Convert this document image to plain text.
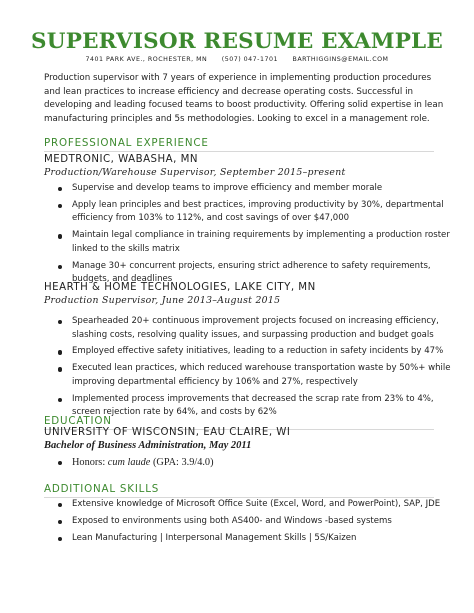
SUPERVISOR RESUME EXAMPLE
7401 PARK AVE., ROCHESTER, MN (507) 047-1701 BARTHIGGINS@EMAIL.COM
Production supervisor with 7 years of experience in implementing production procedures and lean practices to increase efficiency and decrease operating costs. Successful in developing and leading focused teams to boost productivity. Offering solid expertise in lean manufacturing principles and 5s methodologies. Looking to excel in a management role.
PROFESSIONAL EXPERIENCE
MEDTRONIC, WABASHA, MN
Production/Warehouse Supervisor, September 2015–present
Supervise and develop teams to improve efficiency and member morale
Apply lean principles and best practices, improving productivity by 30%, departmental efficiency from 103% to 112%, and cost savings of over $47,000
Maintain legal compliance in training requirements by implementing a production roster linked to the skills matrix
Manage 30+ concurrent projects, ensuring strict adherence to safety requirements, budgets, and deadlines
HEARTH & HOME TECHNOLOGIES, LAKE CITY, MN
Production Supervisor, June 2013–August 2015
Spearheaded 20+ continuous improvement projects focused on increasing efficiency, slashing costs, resolving quality issues, and surpassing production and budget goals
Employed effective safety initiatives, leading to a reduction in safety incidents by 47%
Executed lean practices, which reduced warehouse transportation waste by 50%+ while improving departmental efficiency by 106% and 27%, respectively
Implemented process improvements that decreased the scrap rate from 23% to 4%, screen rejection rate by 64%, and costs by 62%
EDUCATION
UNIVERSITY OF WISCONSIN, EAU CLAIRE, WI
Bachelor of Business Administration, May 2011
Honors: cum laude (GPA: 3.9/4.0)
ADDITIONAL SKILLS
Extensive knowledge of Microsoft Office Suite (Excel, Word, and PowerPoint), SAP, JDE
Exposed to environments using both AS400- and Windows -based systems
Lean Manufacturing | Interpersonal Management Skills | 5S/Kaizen
